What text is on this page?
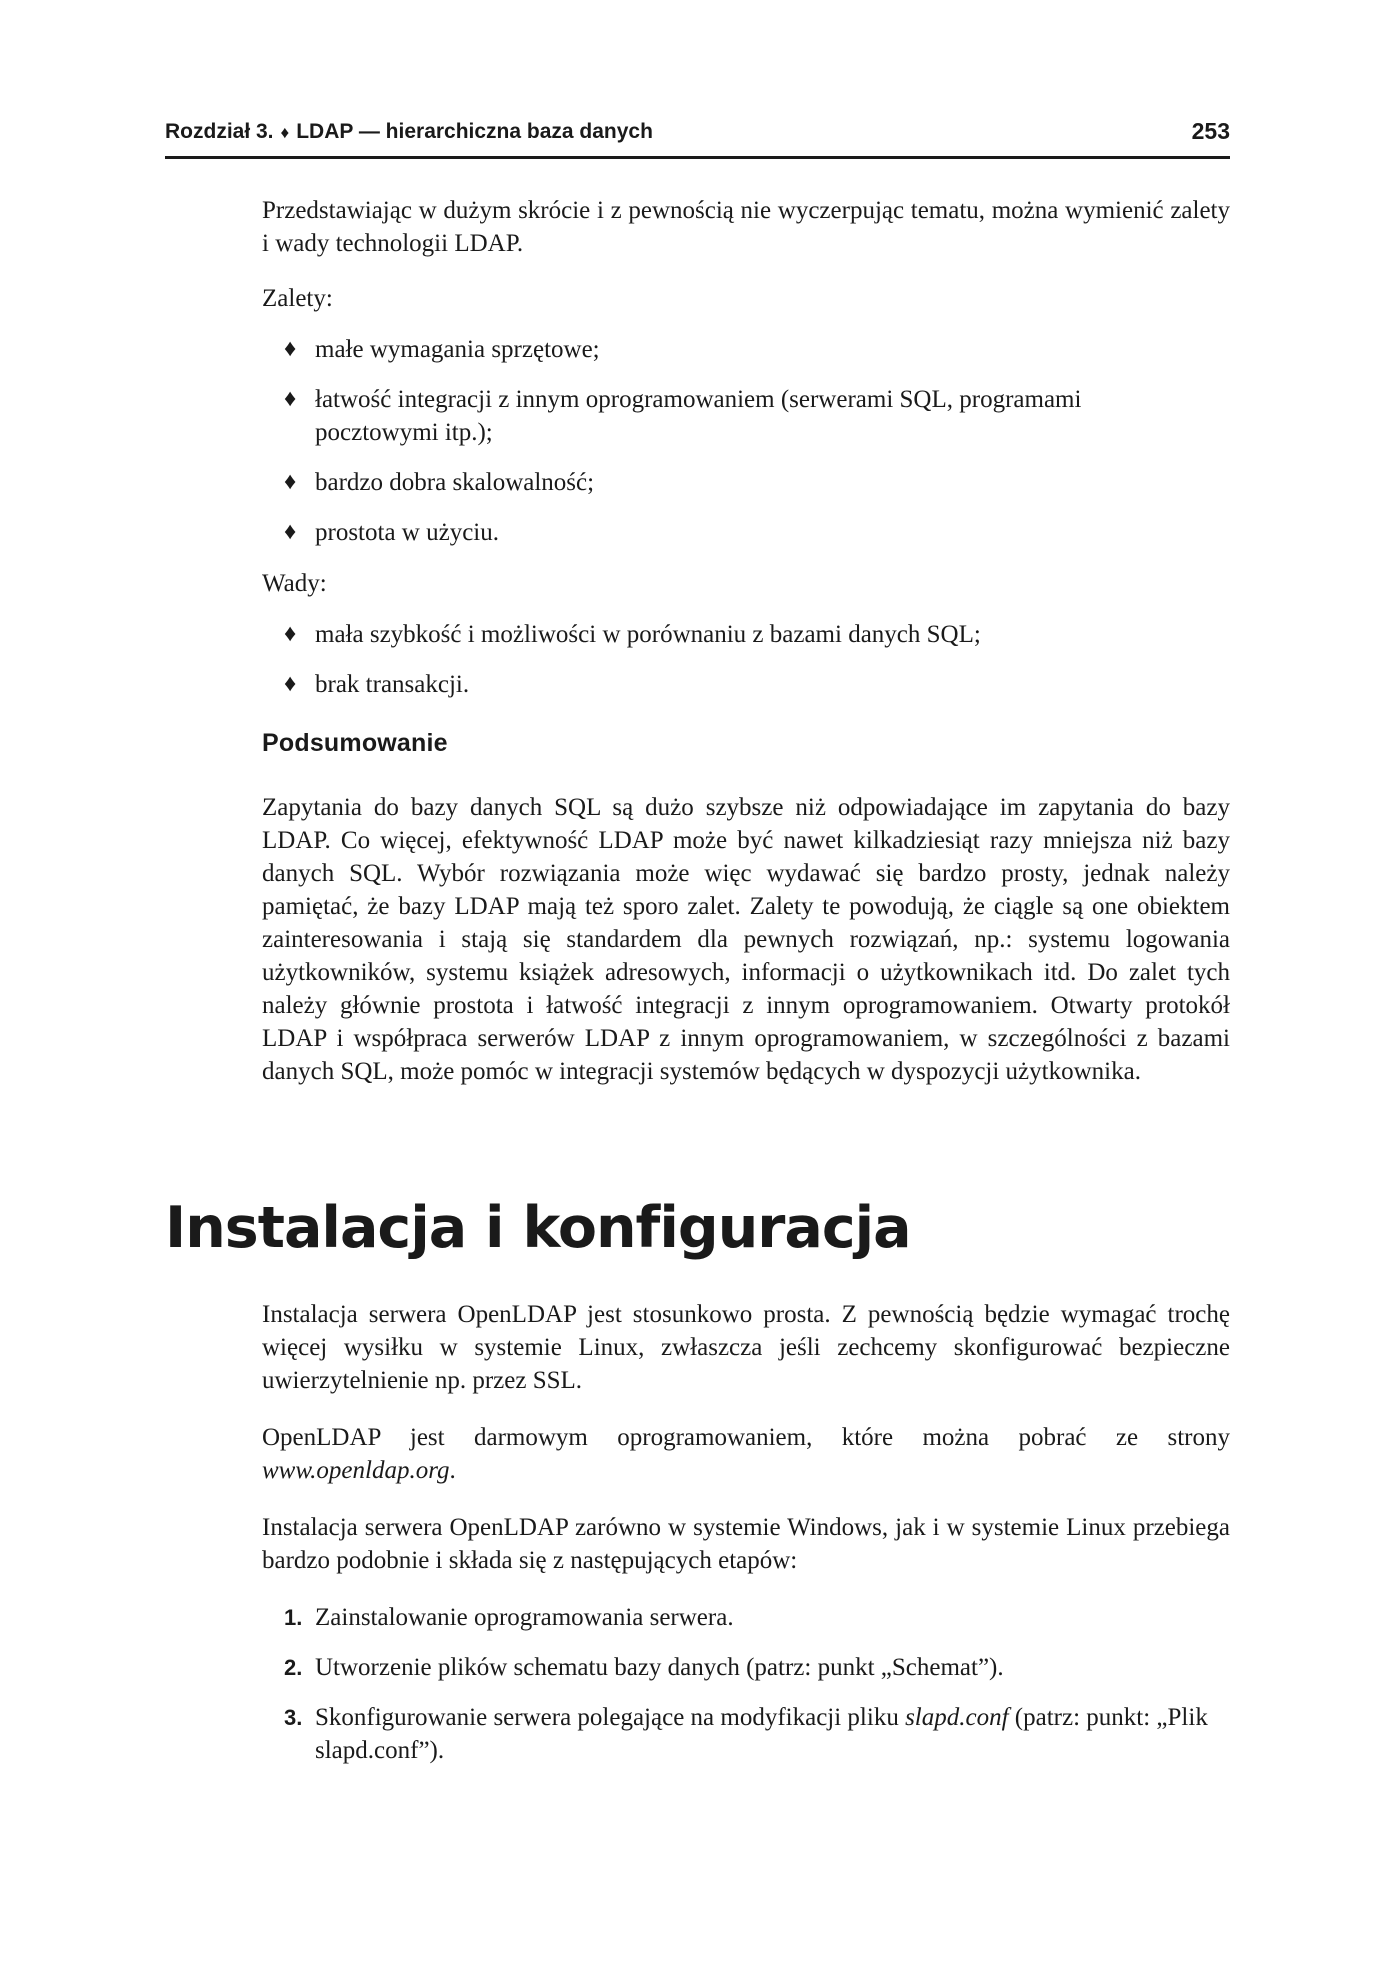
Rozdział 3. ♦ LDAP — hierarchiczna baza danych	253

Przedstawiając w dużym skrócie i z pewnością nie wyczerpując tematu, można wymienić zalety i wady technologii LDAP.

Zalety:

♦ małe wymagania sprzętowe;
♦ łatwość integracji z innym oprogramowaniem (serwerami SQL, programami pocztowymi itp.);
♦ bardzo dobra skalowalność;
♦ prostota w użyciu.

Wady:

♦ mała szybkość i możliwości w porównaniu z bazami danych SQL;
♦ brak transakcji.
Podsumowanie

Zapytania do bazy danych SQL są dużo szybsze niż odpowiadające im zapytania do bazy LDAP. Co więcej, efektywność LDAP może być nawet kilkadziesiąt razy mniejsza niż bazy danych SQL. Wybór rozwiązania może więc wydawać się bardzo prosty, jednak należy pamiętać, że bazy LDAP mają też sporo zalet. Zalety te powodują, że ciągle są one obiektem zainteresowania i stają się standardem dla pewnych rozwiązań, np.: systemu logowania użytkowników, systemu książek adresowych, informacji o użytkownikach itd. Do zalet tych należy głównie prostota i łatwość integracji z innym oprogramowaniem. Otwarty protokół LDAP i współpraca serwerów LDAP z innym oprogramowaniem, w szczególności z bazami danych SQL, może pomóc w integracji systemów będących w dyspozycji użytkownika.

Instalacja i konfiguracja

Instalacja serwera OpenLDAP jest stosunkowo prosta. Z pewnością będzie wymagać trochę więcej wysiłku w systemie Linux, zwłaszcza jeśli zechcemy skonfigurować bezpieczne uwierzytelnienie np. przez SSL.

OpenLDAP jest darmowym oprogramowaniem, które można pobrać ze strony www.openldap.org.

Instalacja serwera OpenLDAP zarówno w systemie Windows, jak i w systemie Linux przebiega bardzo podobnie i składa się z następujących etapów:

1. Zainstalowanie oprogramowania serwera.
2. Utworzenie plików schematu bazy danych (patrz: punkt „Schemat”).
3. Skonfigurowanie serwera polegające na modyfikacji pliku slapd.conf (patrz: punkt: „Plik slapd.conf”).
